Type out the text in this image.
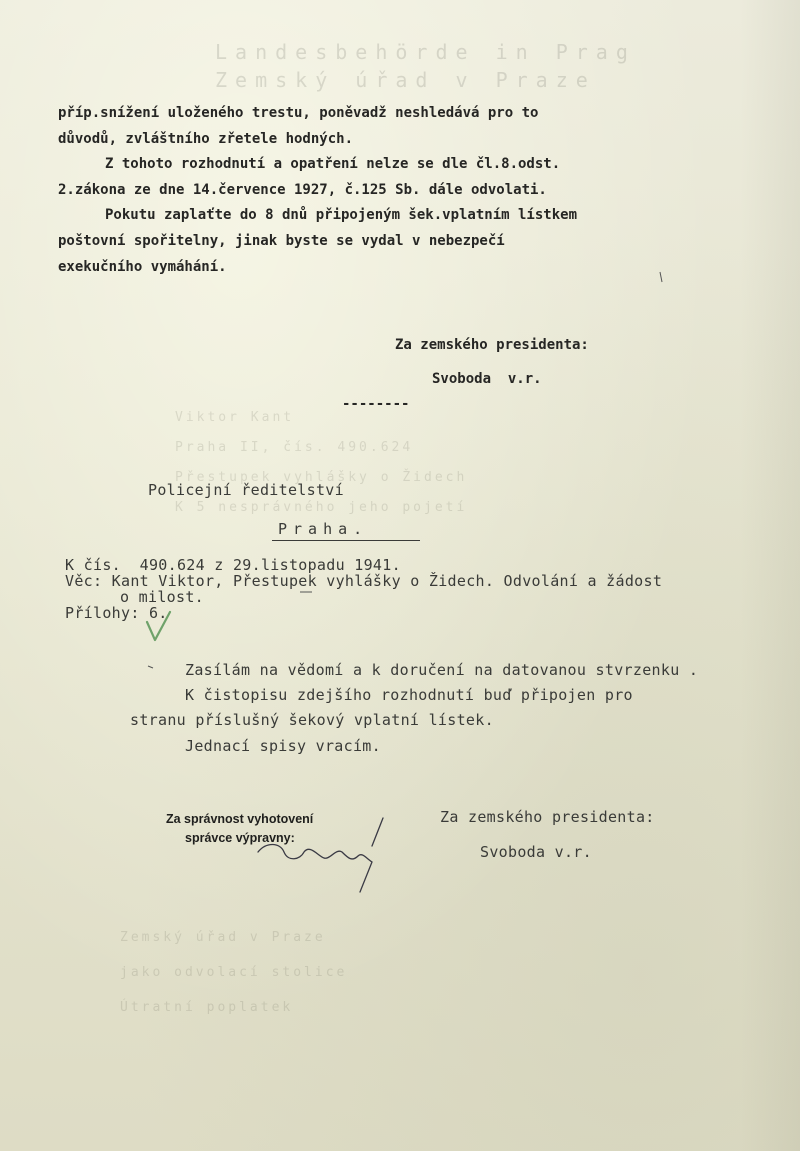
Landesbehörde in Prag
Zemský úřad v Praze
Viktor Kant
Praha II, čís. 490.624
Přestupek vyhlášky o Židech
K 5 nesprávného jeho pojetí
Zemský úřad v Praze
jako odvolací stolice
Útratní poplatek
příp.snížení uloženého trestu, poněvadž neshledává pro to
důvodů, zvláštního zřetele hodných.
Z tohoto rozhodnutí a opatření nelze se dle čl.8.odst.
2.zákona ze dne 14.července 1927, č.125 Sb. dále odvolati.
Pokutu zaplaťte do 8 dnů připojeným šek.vplatním lístkem
poštovní spořitelny, jinak byste se vydal v nebezpečí
exekučního vymáhání.
Za zemského presidenta:
Svoboda  v.r.
--------
Policejní ředitelství
Praha.
K čís.  490.624 z 29.listopadu 1941.
Věc: Kant Viktor, Přestupek vyhlášky o Židech. Odvolání a žádost
o milost.
Přílohy: 6.
Zasílám na vědomí a k doručení na datovanou stvrzenku .
K čistopisu zdejšího rozhodnutí buď připojen pro
stranu příslušný šekový vplatní lístek.
Jednací spisy vracím.
Za správnost vyhotovení
správce výpravny:
Za zemského presidenta:
Svoboda v.r.
